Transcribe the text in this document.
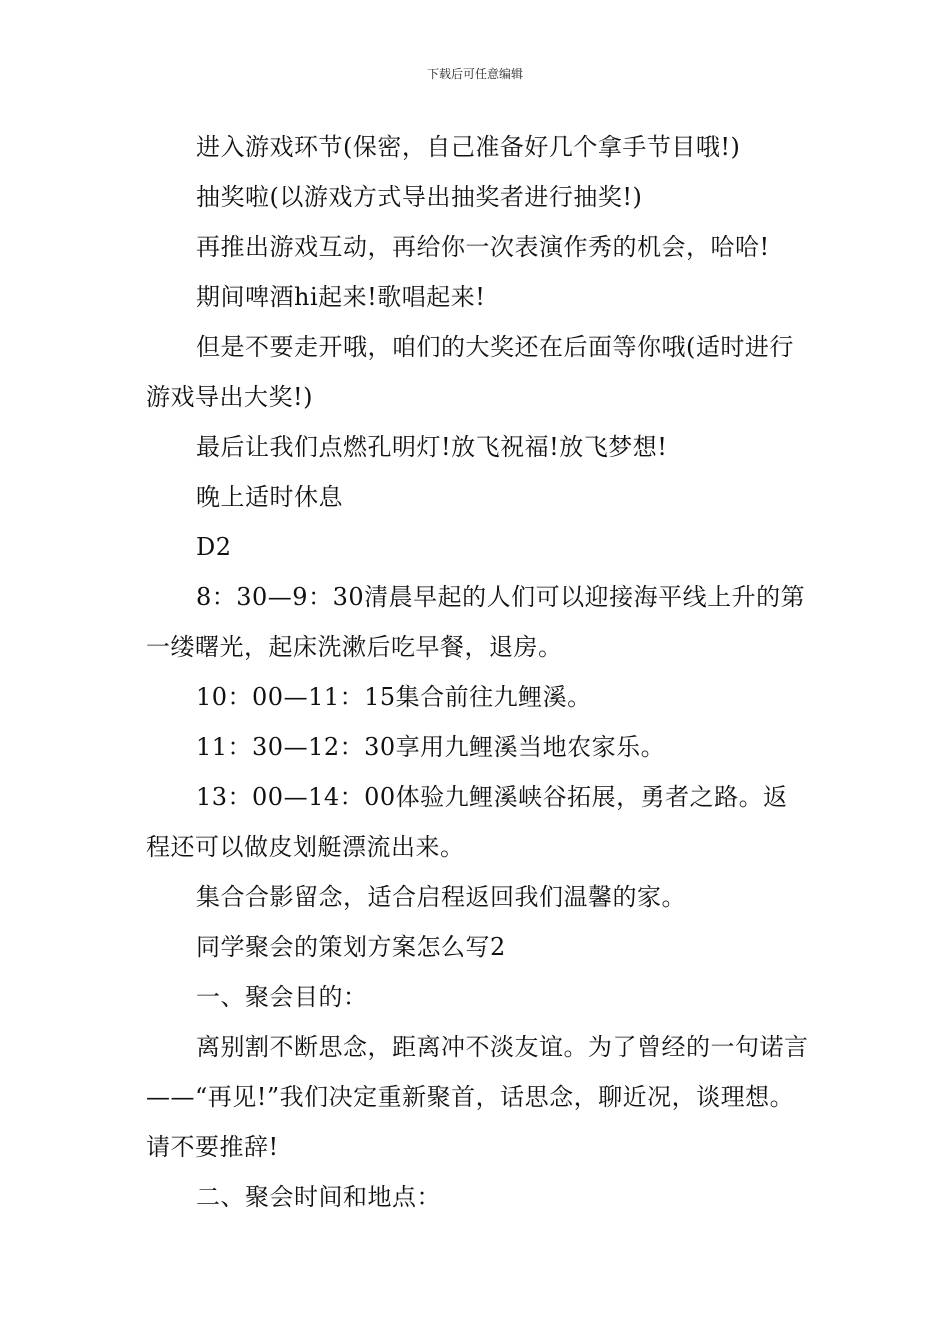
下载后可任意编辑

进入游戏环节(保密，自己准备好几个拿手节目哦!)

抽奖啦(以游戏方式导出抽奖者进行抽奖!)

再推出游戏互动，再给你一次表演作秀的机会，哈哈!

期间啤酒hi起来!歌唱起来!

但是不要走开哦，咱们的大奖还在后面等你哦(适时进行游戏导出大奖!)

最后让我们点燃孔明灯!放飞祝福!放飞梦想!

晚上适时休息

D2

8：30—9：30清晨早起的人们可以迎接海平线上升的第一缕曙光，起床洗漱后吃早餐，退房。

10：00—11：15集合前往九鲤溪。

11：30—12：30享用九鲤溪当地农家乐。

13：00—14：00体验九鲤溪峡谷拓展，勇者之路。返程还可以做皮划艇漂流出来。

集合合影留念，适合启程返回我们温馨的家。

同学聚会的策划方案怎么写2

一、聚会目的：

离别割不断思念，距离冲不淡友谊。为了曾经的一句诺言——“再见!”我们决定重新聚首，话思念，聊近况，谈理想。请不要推辞!

二、聚会时间和地点：
